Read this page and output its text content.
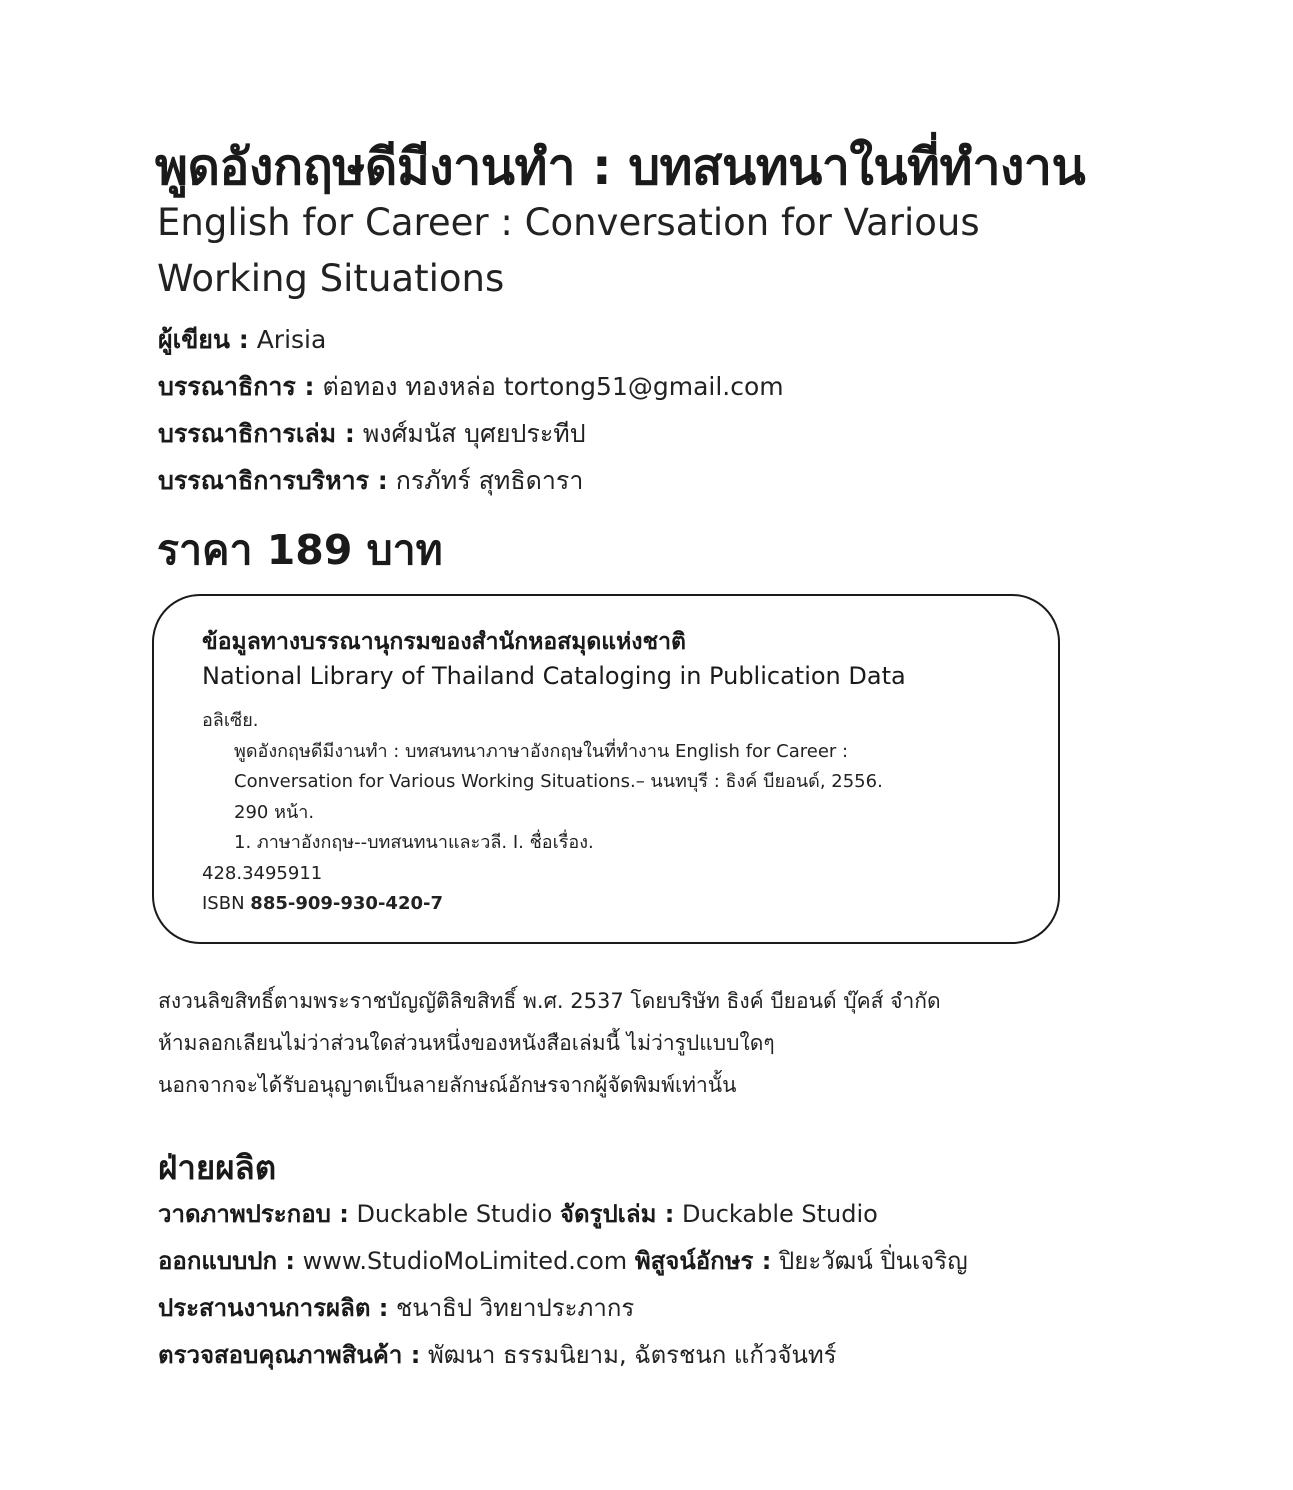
พูดอังกฤษดีมีงานทำ : บทสนทนาในที่ทำงาน
English for Career : Conversation for Various Working Situations
ผู้เขียน : Arisia
บรรณาธิการ : ต่อทอง ทองหล่อ tortong51@gmail.com
บรรณาธิการเล่ม : พงศ์มนัส บุศยประทีป
บรรณาธิการบริหาร : กรภัทร์ สุทธิดารา
ราคา 189 บาท
ข้อมูลทางบรรณานุกรมของสำนักหอสมุดแห่งชาติ
National Library of Thailand Cataloging in Publication Data
อลิเซีย.
พูดอังกฤษดีมีงานทำ : บทสนทนาภาษาอังกฤษในที่ทำงาน English for Career :
Conversation for Various Working Situations.– นนทบุรี : ธิงค์ บียอนด์, 2556.
290 หน้า.
1. ภาษาอังกฤษ--บทสนทนาและวลี. I. ชื่อเรื่อง.
428.3495911
ISBN 885-909-930-420-7
สงวนลิขสิทธิ์ตามพระราชบัญญัติลิขสิทธิ์ พ.ศ. 2537 โดยบริษัท ธิงค์ บียอนด์ บุ๊คส์ จำกัด
ห้ามลอกเลียนไม่ว่าส่วนใดส่วนหนึ่งของหนังสือเล่มนี้ ไม่ว่ารูปแบบใดๆ
นอกจากจะได้รับอนุญาตเป็นลายลักษณ์อักษรจากผู้จัดพิมพ์เท่านั้น
ฝ่ายผลิต
วาดภาพประกอบ : Duckable Studio จัดรูปเล่ม : Duckable Studio
ออกแบบปก : www.StudioMoLimited.com พิสูจน์อักษร : ปิยะวัฒน์ ปิ่นเจริญ
ประสานงานการผลิต : ชนาธิป วิทยาประภากร
ตรวจสอบคุณภาพสินค้า : พัฒนา ธรรมนิยาม, ฉัตรชนก แก้วจันทร์
